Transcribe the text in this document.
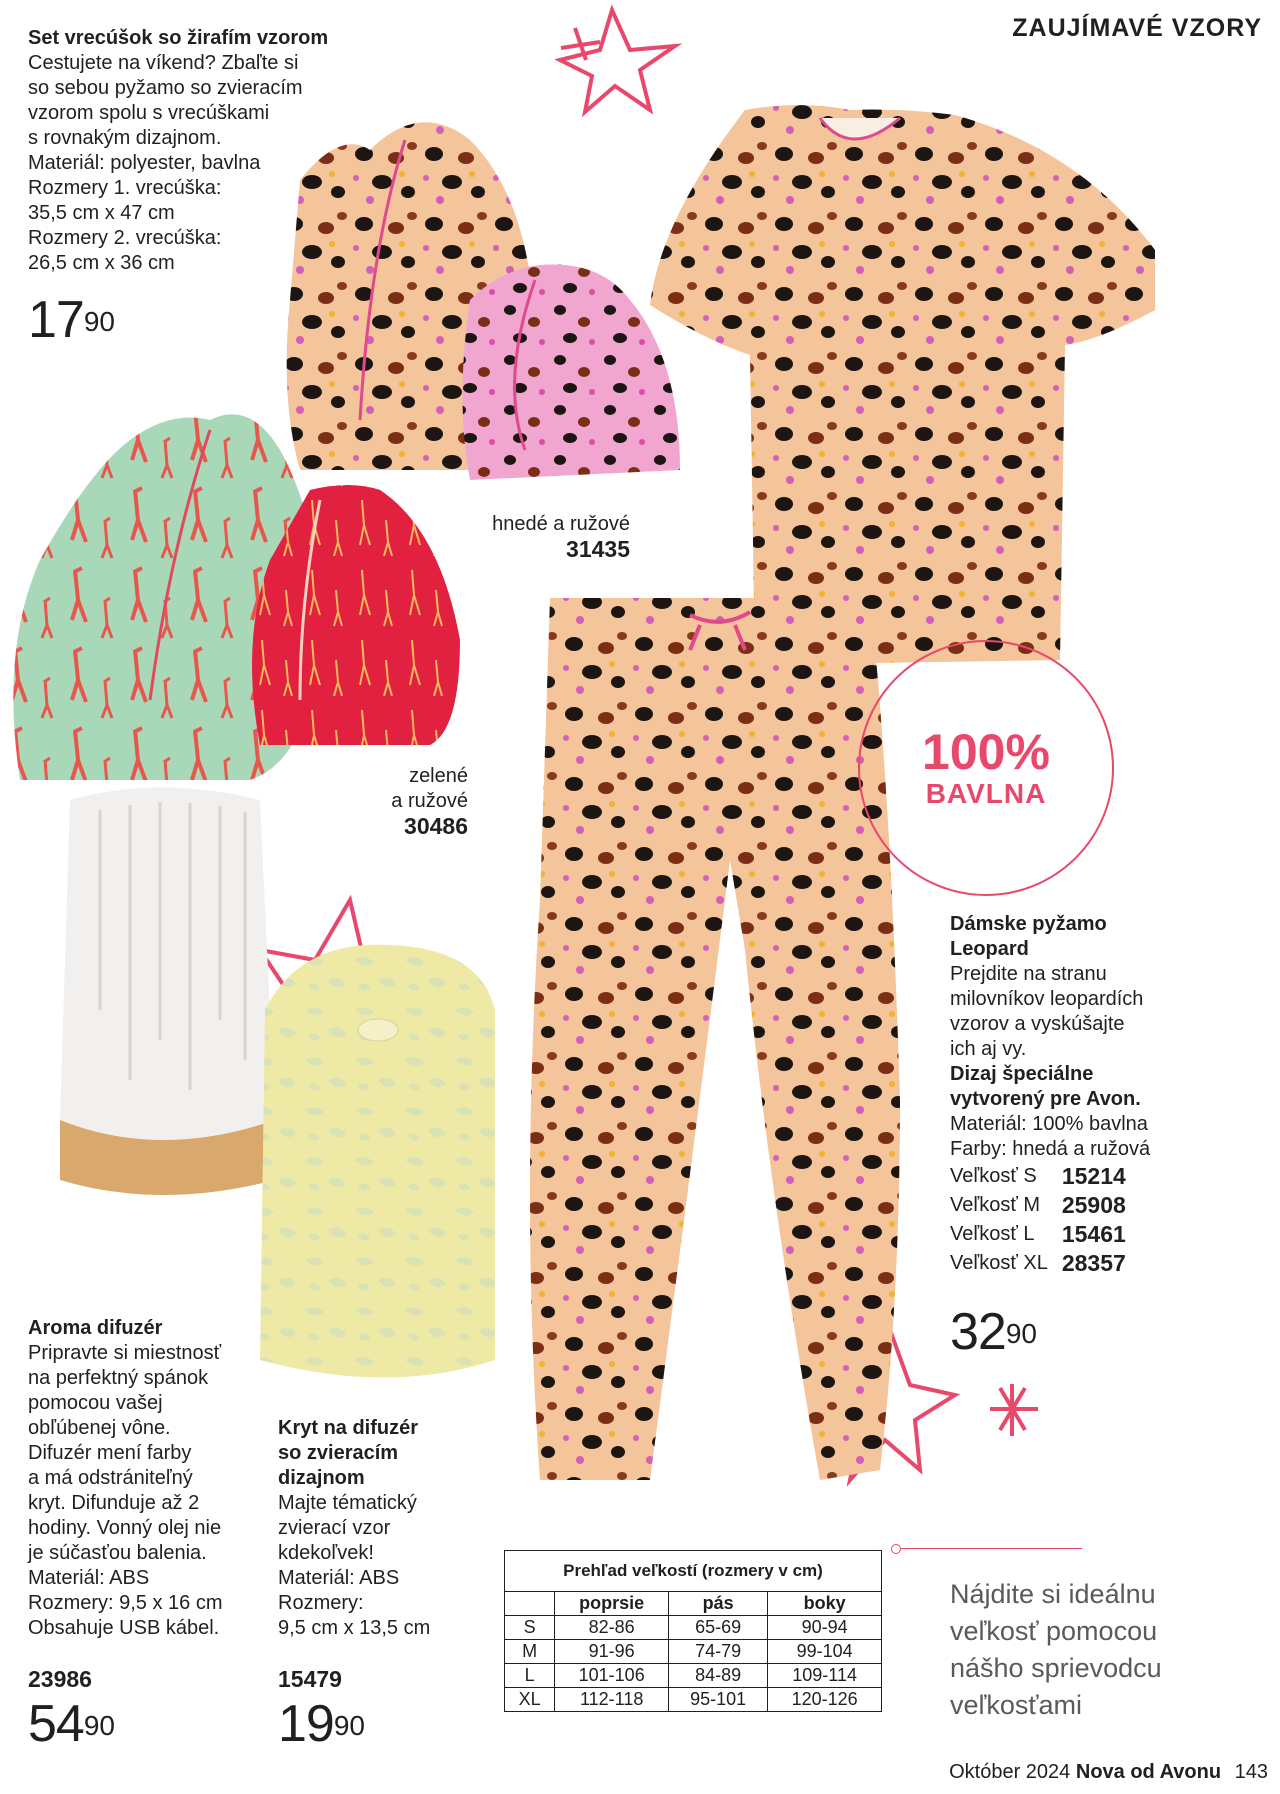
ZAUJÍMAVÉ VZORY
Set vrecúšok so žirafím vzorom
Cestujete na víkend? Zbaľte si
so sebou pyžamo so zvieracím
vzorom spolu s vrecúškami
s rovnakým dizajnom.
Materiál: polyester, bavlna
Rozmery 1. vrecúška:
35,5 cm x 47 cm
Rozmery 2. vrecúška:
26,5 cm x 36 cm
$17^{90}$
hnedé a ružové
31435
zelené
a ružové
30486
100%
BAVLNA
Dámske pyžamo
Leopard
Prejdite na stranu
milovníkov leopardích
vzorov a vyskúšajte
ich aj vy.
Dizaj špeciálne
vytvorený pre Avon.
Materiál: 100% bavlna
Farby: hnedá a ružová
Veľkosť S	15214
Veľkosť M	25908
Veľkosť L	15461
Veľkosť XL	28357
$32^{90}$
Aroma difuzér
Pripravte si miestnosť
na perfektný spánok
pomocou vašej
obľúbenej vône.
Difuzér mení farby
a má odstrániteľný
kryt. Difunduje až 2
hodiny. Vonný olej nie
je súčasťou balenia.
Materiál: ABS
Rozmery: 9,5 x 16 cm
Obsahuje USB kábel.
23986
$54^{90}$
Kryt na difuzér
so zvieracím
dizajnom
Majte tématický
zvierací vzor
kdekoľvek!
Materiál: ABS
Rozmery:
9,5 cm x 13,5 cm
15479
$19^{90}$
Prehľad veľkostí (rozmery v cm)			
	poprsie	pás	boky
S	82-86	65-69	90-94
M	91-96	74-79	99-104
L	101-106	84-89	109-114
XL	112-118	95-101	120-126
Nájdite si ideálnu
veľkosť pomocou
nášho sprievodcu
veľkosťami
Október 2024 Nova od Avonu 143
